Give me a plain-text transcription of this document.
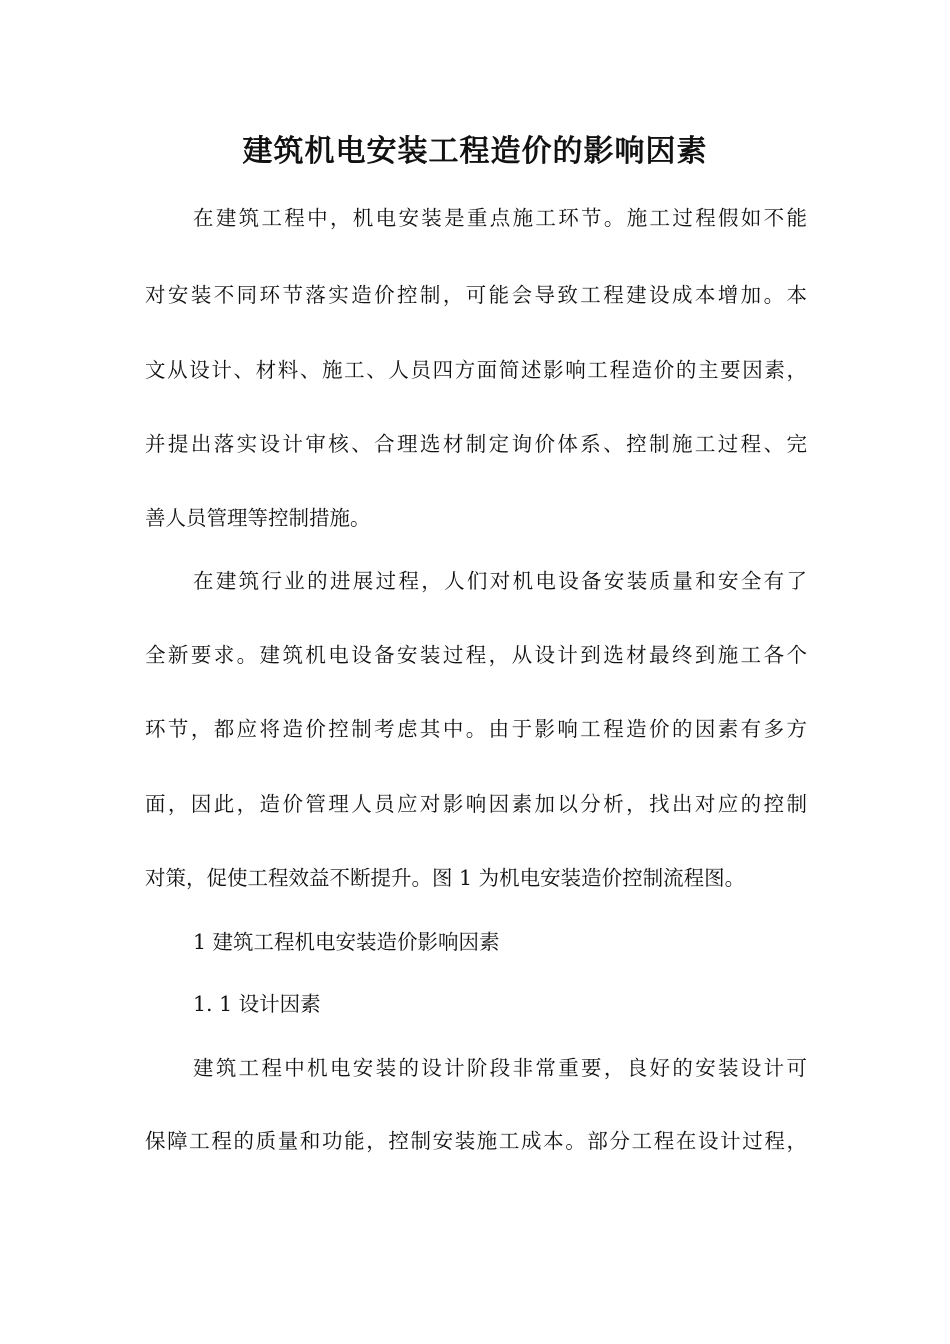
建筑机电安装工程造价的影响因素

在建筑工程中，机电安装是重点施工环节。施工过程假如不能

对安装不同环节落实造价控制，可能会导致工程建设成本增加。本

文从设计、材料、施工、人员四方面简述影响工程造价的主要因素，

并提出落实设计审核、合理选材制定询价体系、控制施工过程、完

善人员管理等控制措施。

在建筑行业的进展过程，人们对机电设备安装质量和安全有了

全新要求。建筑机电设备安装过程，从设计到选材最终到施工各个

环节，都应将造价控制考虑其中。由于影响工程造价的因素有多方

面，因此，造价管理人员应对影响因素加以分析，找出对应的控制

对策，促使工程效益不断提升。图 1 为机电安装造价控制流程图。

1 建筑工程机电安装造价影响因素

1. 1 设计因素

建筑工程中机电安装的设计阶段非常重要，良好的安装设计可

保障工程的质量和功能，控制安装施工成本。部分工程在设计过程，
